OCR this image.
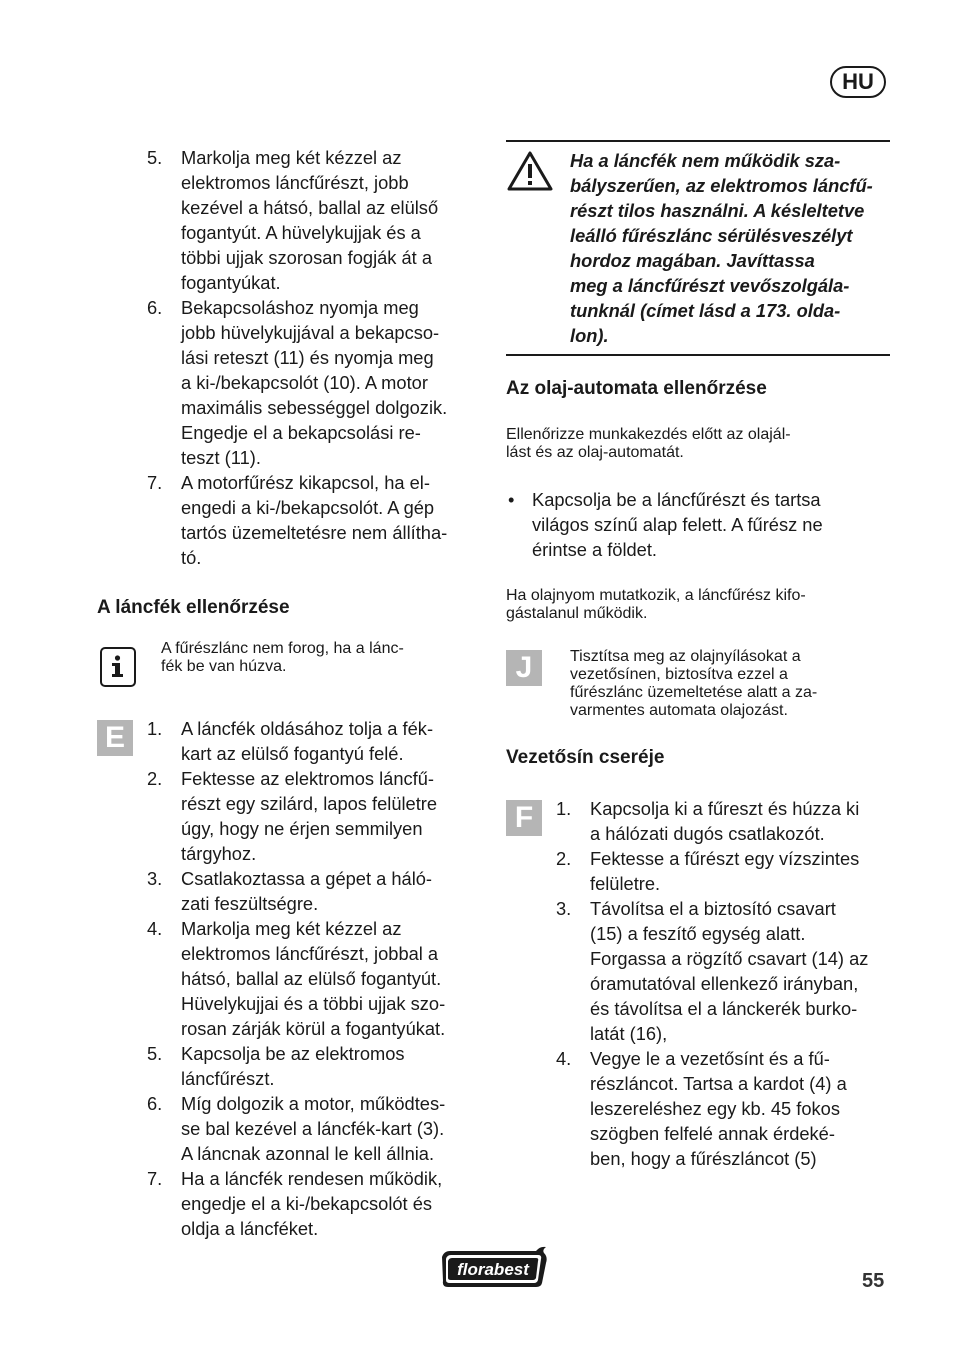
HU
5. Markolja meg két kézzel az
elektromos láncfűrészt, jobb
kezével a hátsó, ballal az elülső
fogantyút. A hüvelykujjak és a
többi ujjak szorosan fogják át a
fogantyúkat.
6. Bekapcsoláshoz nyomja meg
jobb hüvelykujjával a bekapcso-
lási reteszt (11) és nyomja meg
a ki-/bekapcsolót (10). A motor
maximális sebességgel dolgozik.
Engedje el a bekapcsolási re-
teszt (11).
7. A motorfűrész kikapcsol, ha el-
engedi a ki-/bekapcsolót. A gép
tartós üzemeltetésre nem állítha-
tó.
A láncfék ellenőrzése
A fűrészlánc nem forog, ha a lánc-
fék be van húzva.
E	1. A láncfék oldásához tolja a fék-
kart az elülső fogantyú felé.
2. Fektesse az elektromos láncfű-
részt egy szilárd, lapos felületre
úgy, hogy ne érjen semmilyen
tárgyhoz.
3. Csatlakoztassa a gépet a háló-
zati feszültségre.
4. Markolja meg két kézzel az
elektromos láncfűrészt, jobbal a
hátsó, ballal az elülső fogantyút.
Hüvelykujjai és a többi ujjak szo-
rosan zárják körül a fogantyúkat.
5. Kapcsolja be az elektromos
láncfűrészt.
6. Míg dolgozik a motor, működtes-
se bal kezével a láncfék-kart (3).
A láncnak azonnal le kell állnia.
7. Ha a láncfék rendesen működik,
engedje el a ki-/bekapcsolót és
oldja a láncféket.
Ha a láncfék nem működik sza-
bályszerűen, az elektromos láncfű-
részt tilos használni. A késleltetve
leálló fűrészlánc sérülésveszélyt
hordoz magában. Javíttassa
meg a láncfűrészt vevőszolgála-
tunknál (címet lásd a 173. olda-
lon).
Az olaj-automata ellenőrzése
Ellenőrizze munkakezdés előtt az olajál-
lást és az olaj-automatát.
• Kapcsolja be a láncfűrészt és tartsa
világos színű alap felett. A fűrész ne
érintse a földet.
Ha olajnyom mutatkozik, a láncfűrész kifo-
gástalanul működik.
J	Tisztítsa meg az olajnyílásokat a
vezetősínen, biztosítva ezzel a
fűrészlánc üzemeltetése alatt a za-
varmentes automata olajozást.
Vezetősín cseréje
F	1. Kapcsolja ki a fűreszt és húzza ki
a hálózati dugós csatlakozót.
2. Fektesse a fűrészt egy vízszintes
felületre.
3. Távolítsa el a biztosító csavart
(15) a feszítő egység alatt.
Forgassa a rögzítő csavart (14) az
óramutatóval ellenkező irányban,
és távolítsa el a lánckerék burko-
latát (16),
4. Vegye le a vezetősínt és a fű-
részláncot. Tartsa a kardot (4) a
leszereléshez egy kb. 45 fokos
szögben felfelé annak érdeké-
ben, hogy a fűrészláncot (5)
florabest
55
